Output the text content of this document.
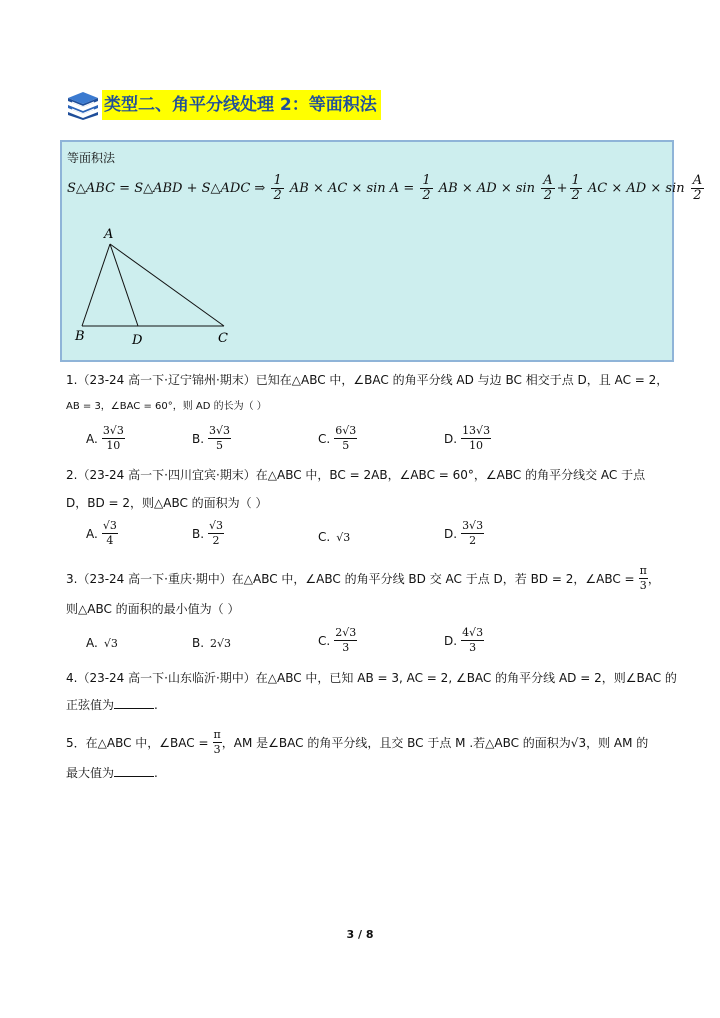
类型二、角平分线处理 2：等面积法
等面积法
S△ABC = S△ABD + S△ADC ⇒ $\frac{1}{2}$ AB × AC × $\sin A = \frac{1}{2}$ AB × AD × $\sin \frac{A}{2} + \frac{1}{2}$ AC × AD × $\sin \frac{A}{2}$
A
B	D	C
1.（23-24 高一下·辽宁锦州·期末）已知在△ABC 中，∠BAC 的角平分线 AD 与边 BC 相交于点 D，且 AC = 2，
AB = 3，∠BAC = 60°，则 AD 的长为（ ）
A.
3√3
10	B.
3√3
5	C.
6√3
5	D.
13√3
10
2.（23-24 高一下·四川宜宾·期末）在△ABC 中，BC = 2AB，∠ABC = 60°，∠ABC 的角平分线交 AC 于点
D，BD = 2，则△ABC 的面积为（ ）
A.
√3
4	B.
√3
2	C. √3	D.
3√3
2
3.（23-24 高一下·重庆·期中）在△ABC 中，∠ABC 的角平分线 BD 交 AC 于点 D，若 BD = 2，∠ABC = $\frac{\pi}{3}$ ，
则△ABC 的面积的最小值为（ ）
A. √3	B. 2√3	C.
2√3
3	D.
4√3
3
4.（23-24 高一下·山东临沂·期中）在△ABC 中，已知 AB = 3, AC = 2, ∠BAC 的角平分线 AD = 2，则∠BAC 的
正弦值为	.
5．在△ABC 中，∠BAC = $\frac{\pi}{3}$ ，AM 是∠BAC 的角平分线，且交 BC 于点 M .若△ABC 的面积为√3，则 AM 的
最大值为	.
3 / 8
